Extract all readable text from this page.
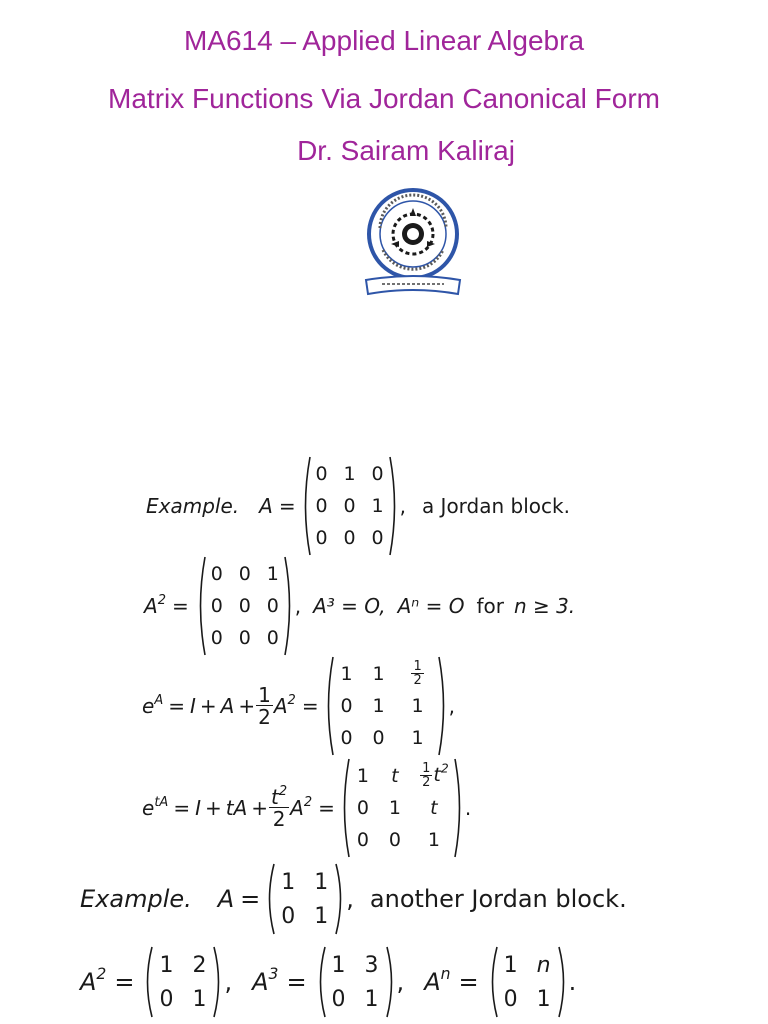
MA614 – Applied Linear Algebra
Matrix Functions Via Jordan Canonical Form
Dr. Sairam Kaliraj
Example. A =
0 1 0
0 0 1
0 0 0
, a Jordan block.
$A^2$ =
0 0 1
0 0 0
0 0 0
, A³ = O, Aⁿ = O for n ≥ 3.
$e^A = I + A + \frac{1}{2} A^2$ =
1 $1 \frac{1}{2}$
0 1 1
0 0 1
,
$e^{tA} = I$ + tA + $\frac{t^2}{2} A^2$ =
1 t $\frac{1}{2} t^2$
0 1 t
0 0 1
.
Example. A =
1 1
0 1
, another Jordan block.
$A^2$ =
1 2
0 1
, $A^3$ =
1 3
0 1
, $A^n$ =
1 n
0 1
.
